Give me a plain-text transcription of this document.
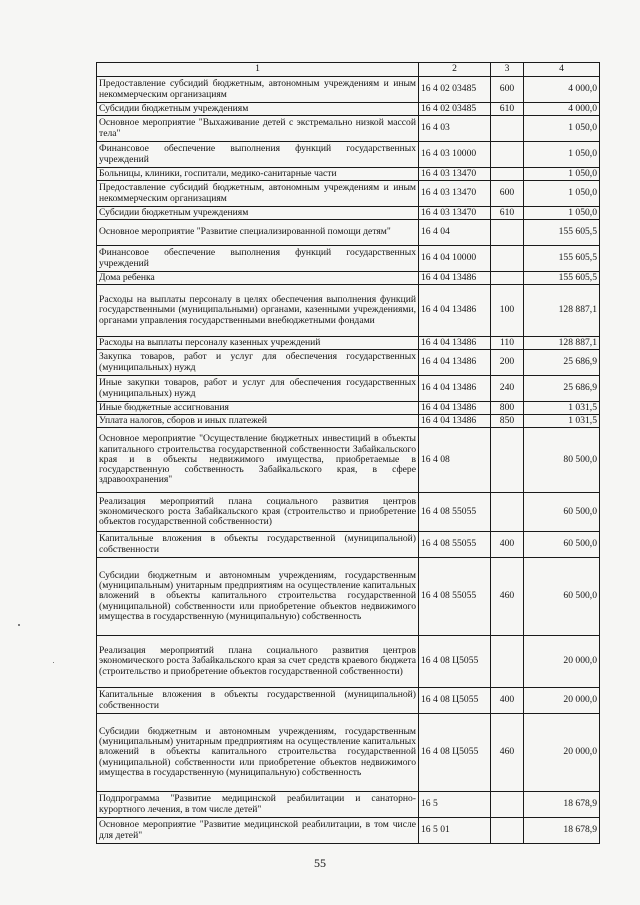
1	2	3	4
Предоставление субсидий бюджетным, автономным учреждениям и иным некоммерческим организациям	16 4 02 03485	600	4 000,0
Субсидии бюджетным учреждениям	16 4 02 03485	610	4 000,0
Основное мероприятие "Выхаживание детей с экстремально низкой массой тела"	16 4 03		1 050,0
Финансовое обеспечение выполнения функций государственных учреждений	16 4 03 10000		1 050,0
Больницы, клиники, госпитали, медико-санитарные части	16 4 03 13470		1 050,0
Предоставление субсидий бюджетным, автономным учреждениям и иным некоммерческим организациям	16 4 03 13470	600	1 050,0
Субсидии бюджетным учреждениям	16 4 03 13470	610	1 050,0
Основное мероприятие "Развитие специализированной помощи детям"	16 4 04		155 605,5
Финансовое обеспечение выполнения функций государственных учреждений	16 4 04 10000		155 605,5
Дома ребенка	16 4 04 13486		155 605,5
Расходы на выплаты персоналу в целях обеспечения выполнения функций государственными (муниципальными) органами, казенными учреждениями, органами управления государственными внебюджетными фондами	16 4 04 13486	100	128 887,1
Расходы на выплаты персоналу казенных учреждений	16 4 04 13486	110	128 887,1
Закупка товаров, работ и услуг для обеспечения государственных (муниципальных) нужд	16 4 04 13486	200	25 686,9
Иные закупки товаров, работ и услуг для обеспечения государственных (муниципальных) нужд	16 4 04 13486	240	25 686,9
Иные бюджетные ассигнования	16 4 04 13486	800	1 031,5
Уплата налогов, сборов и иных платежей	16 4 04 13486	850	1 031,5
Основное мероприятие "Осуществление бюджетных инвестиций в объекты капитального строительства государственной собственности Забайкальского края и в объекты недвижимого имущества, приобретаемые в государственную собственность Забайкальского края, в сфере здравоохранения"	16 4 08		80 500,0
Реализация мероприятий плана социального развития центров экономического роста Забайкальского края (строительство и приобретение объектов государственной собственности)	16 4 08 55055		60 500,0
Капитальные вложения в объекты государственной (муниципальной) собственности	16 4 08 55055	400	60 500,0
Субсидии бюджетным и автономным учреждениям, государственным (муниципальным) унитарным предприятиям на осуществление капитальных вложений в объекты капитального строительства государственной (муниципальной) собственности или приобретение объектов недвижимого имущества в государственную (муниципальную) собственность	16 4 08 55055	460	60 500,0
Реализация мероприятий плана социального развития центров экономического роста Забайкальского края за счет средств краевого бюджета (строительство и приобретение объектов государственной собственности)	16 4 08 Ц5055		20 000,0
Капитальные вложения в объекты государственной (муниципальной) собственности	16 4 08 Ц5055	400	20 000,0
Субсидии бюджетным и автономным учреждениям, государственным (муниципальным) унитарным предприятиям на осуществление капитальных вложений в объекты капитального строительства государственной (муниципальной) собственности или приобретение объектов недвижимого имущества в государственную (муниципальную) собственность	16 4 08 Ц5055	460	20 000,0
Подпрограмма "Развитие медицинской реабилитации и санаторно-курортного лечения, в том числе детей"	16 5		18 678,9
Основное мероприятие "Развитие медицинской реабилитации, в том числе для детей"	16 5 01		18 678,9
55
